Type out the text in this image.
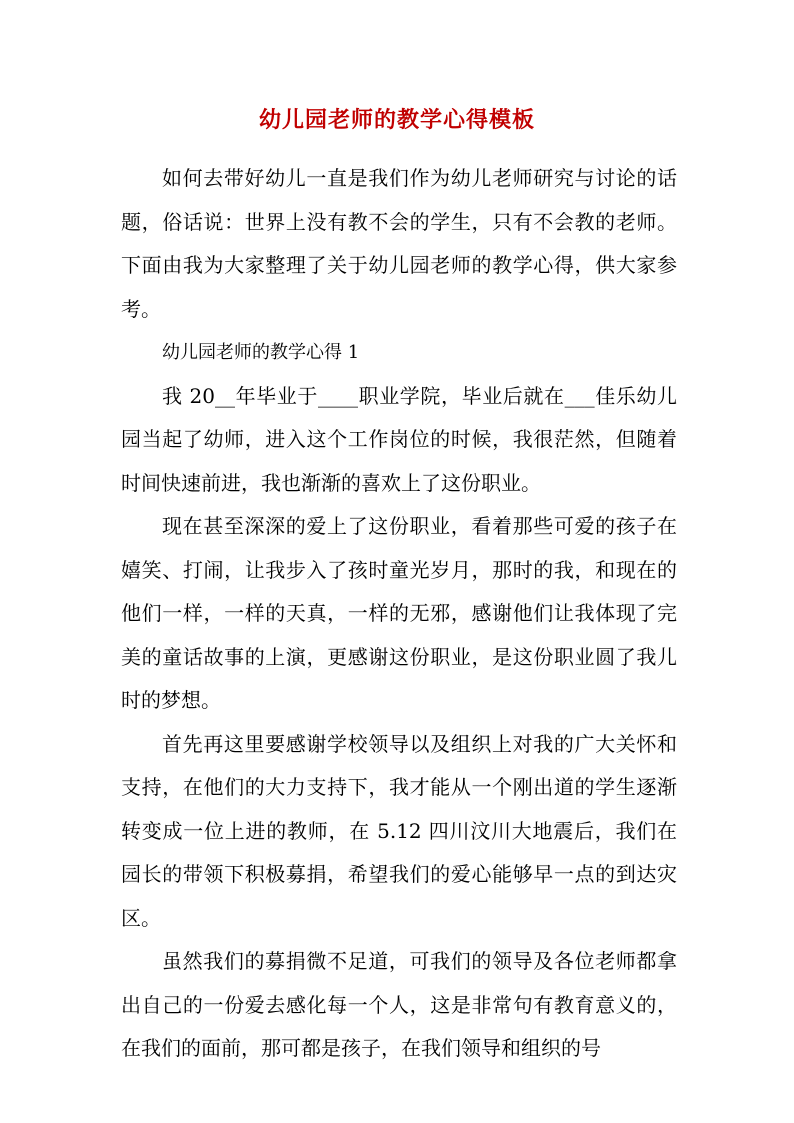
幼儿园老师的教学心得模板

如何去带好幼儿一直是我们作为幼儿老师研究与讨论的话题，俗话说：世界上没有教不会的学生，只有不会教的老师。下面由我为大家整理了关于幼儿园老师的教学心得，供大家参考。

幼儿园老师的教学心得 1

我 20__年毕业于____职业学院，毕业后就在___佳乐幼儿园当起了幼师，进入这个工作岗位的时候，我很茫然，但随着时间快速前进，我也渐渐的喜欢上了这份职业。

现在甚至深深的爱上了这份职业，看着那些可爱的孩子在嬉笑、打闹，让我步入了孩时童光岁月，那时的我，和现在的他们一样，一样的天真，一样的无邪，感谢他们让我体现了完美的童话故事的上演，更感谢这份职业，是这份职业圆了我儿时的梦想。

首先再这里要感谢学校领导以及组织上对我的广大关怀和支持，在他们的大力支持下，我才能从一个刚出道的学生逐渐转变成一位上进的教师，在 5.12 四川汶川大地震后，我们在园长的带领下积极募捐，希望我们的爱心能够早一点的到达灾区。

虽然我们的募捐微不足道，可我们的领导及各位老师都拿出自己的一份爱去感化每一个人，这是非常句有教育意义的，在我们的面前，那可都是孩子，在我们领导和组织的号
